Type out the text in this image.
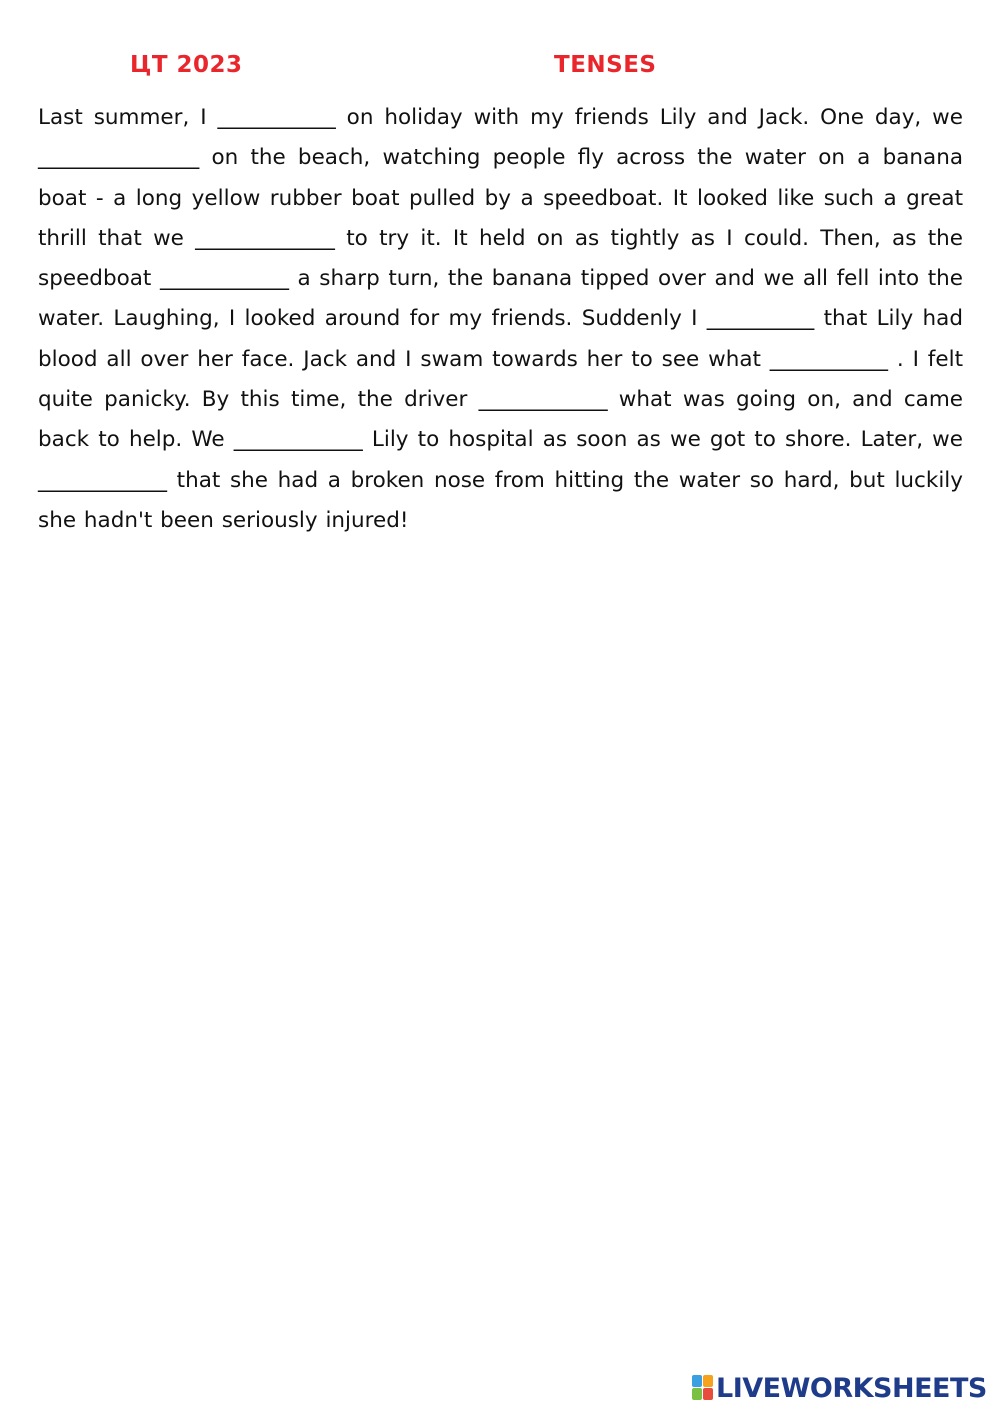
ЦТ 2023	TENSES

Last summer, I ___________ on holiday with my friends Lily and Jack. One day, we _______________ on the beach, watching people fly across the water on a banana boat - a long yellow rubber boat pulled by a speedboat. It looked like such a great thrill that we _____________ to try it. It held on as tightly as I could. Then, as the speedboat ____________ a sharp turn, the banana tipped over and we all fell into the water. Laughing, I looked around for my friends. Suddenly I __________ that Lily had blood all over her face. Jack and I swam towards her to see what ___________ . I felt quite panicky. By this time, the driver ____________ what was going on, and came back to help. We ____________ Lily to hospital as soon as we got to shore. Later, we ____________ that she had a broken nose from hitting the water so hard, but luckily she hadn't been seriously injured!

LIVEWORKSHEETS
